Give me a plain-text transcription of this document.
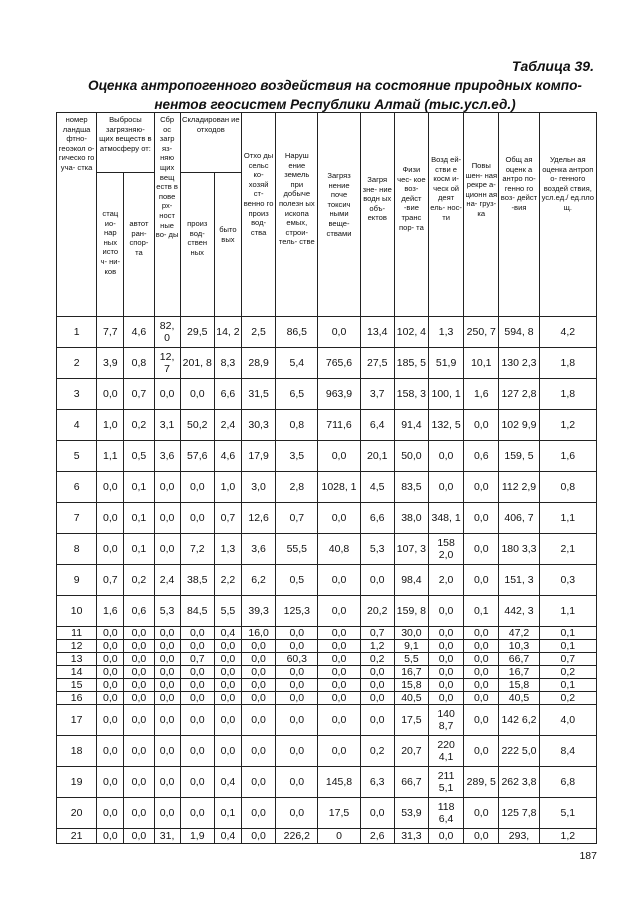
Таблица 39.
Оценка антропогенного воздействия на состояние природных компо- нентов геосистем Республики Алтай (тыс.усл.ед.)
номер ландша фтно- геоэкол о- гическо го уча- стка	Выбросы загрязняю- щих веществ в атмосферу от:		Сбр ос загр яз- няю щих вещ еств в пове рх- ност ные во- ды	Складирован ие отходов		Отхо ды сельс ко- хозяй ст- венно го произ вод- ства	Наруш ение земель при добыче полезн ых ископа емых, строи- тель- стве	Загряз нение поче токсич ными веще- ствами	Загря зне- ние водн ых объ- ектов	Физи чес- кое воз- дейст -вие транс пор- та	Возд ей- стви е косм и- ческ ой деят ель- нос- ти	Повы шен- ная рекре а- ционн ая на- груз- ка	Общ ая оценк а антро по- генно го воз- дейст -вия	Удельн ая оценка антроп о- генного воздей ствия, усл.ед./ ед.пло щ.
	стац ио- нар ных исто ч- ни- ков	автот ран- спор- та		произ вод- ствен ных	быто вых									
1	7,7	4,6	82, 0	29,5	14, 2	2,5	86,5	0,0	13,4	102, 4	1,3	250, 7	594, 8	4,2
2	3,9	0,8	12, 7	201, 8	8,3	28,9	5,4	765,6	27,5	185, 5	51,9	10,1	130 2,3	1,8
3	0,0	0,7	0,0	0,0	6,6	31,5	6,5	963,9	3,7	158, 3	100, 1	1,6	127 2,8	1,8
4	1,0	0,2	3,1	50,2	2,4	30,3	0,8	711,6	6,4	91,4	132, 5	0,0	102 9,9	1,2
5	1,1	0,5	3,6	57,6	4,6	17,9	3,5	0,0	20,1	50,0	0,0	0,6	159, 5	1,6
6	0,0	0,1	0,0	0,0	1,0	3,0	2,8	1028, 1	4,5	83,5	0,0	0,0	112 2,9	0,8
7	0,0	0,1	0,0	0,0	0,7	12,6	0,7	0,0	6,6	38,0	348, 1	0,0	406, 7	1,1
8	0,0	0,1	0,0	7,2	1,3	3,6	55,5	40,8	5,3	107, 3	158 2,0	0,0	180 3,3	2,1
9	0,7	0,2	2,4	38,5	2,2	6,2	0,5	0,0	0,0	98,4	2,0	0,0	151, 3	0,3
10	1,6	0,6	5,3	84,5	5,5	39,3	125,3	0,0	20,2	159, 8	0,0	0,1	442, 3	1,1
11	0,0	0,0	0,0	0,0	0,4	16,0	0,0	0,0	0,7	30,0	0,0	0,0	47,2	0,1
12	0,0	0,0	0,0	0,0	0,0	0,0	0,0	0,0	1,2	9,1	0,0	0,0	10,3	0,1
13	0,0	0,0	0,0	0,7	0,0	0,0	60,3	0,0	0,2	5,5	0,0	0,0	66,7	0,7
14	0,0	0,0	0,0	0,0	0,0	0,0	0,0	0,0	0,0	16,7	0,0	0,0	16,7	0,2
15	0,0	0,0	0,0	0,0	0,0	0,0	0,0	0,0	0,0	15,8	0,0	0,0	15,8	0,1
16	0,0	0,0	0,0	0,0	0,0	0,0	0,0	0,0	0,0	40,5	0,0	0,0	40,5	0,2
17	0,0	0,0	0,0	0,0	0,0	0,0	0,0	0,0	0,0	17,5	140 8,7	0,0	142 6,2	4,0
18	0,0	0,0	0,0	0,0	0,0	0,0	0,0	0,0	0,2	20,7	220 4,1	0,0	222 5,0	8,4
19	0,0	0,0	0,0	0,0	0,4	0,0	0,0	145,8	6,3	66,7	211 5,1	289, 5	262 3,8	6,8
20	0,0	0,0	0,0	0,0	0,1	0,0	0,0	17,5	0,0	53,9	118 6,4	0,0	125 7,8	5,1
21	0,0	0,0	31,	1,9	0,4	0,0	226,2	0	2,6	31,3	0,0	0,0	293,	1,2
187
